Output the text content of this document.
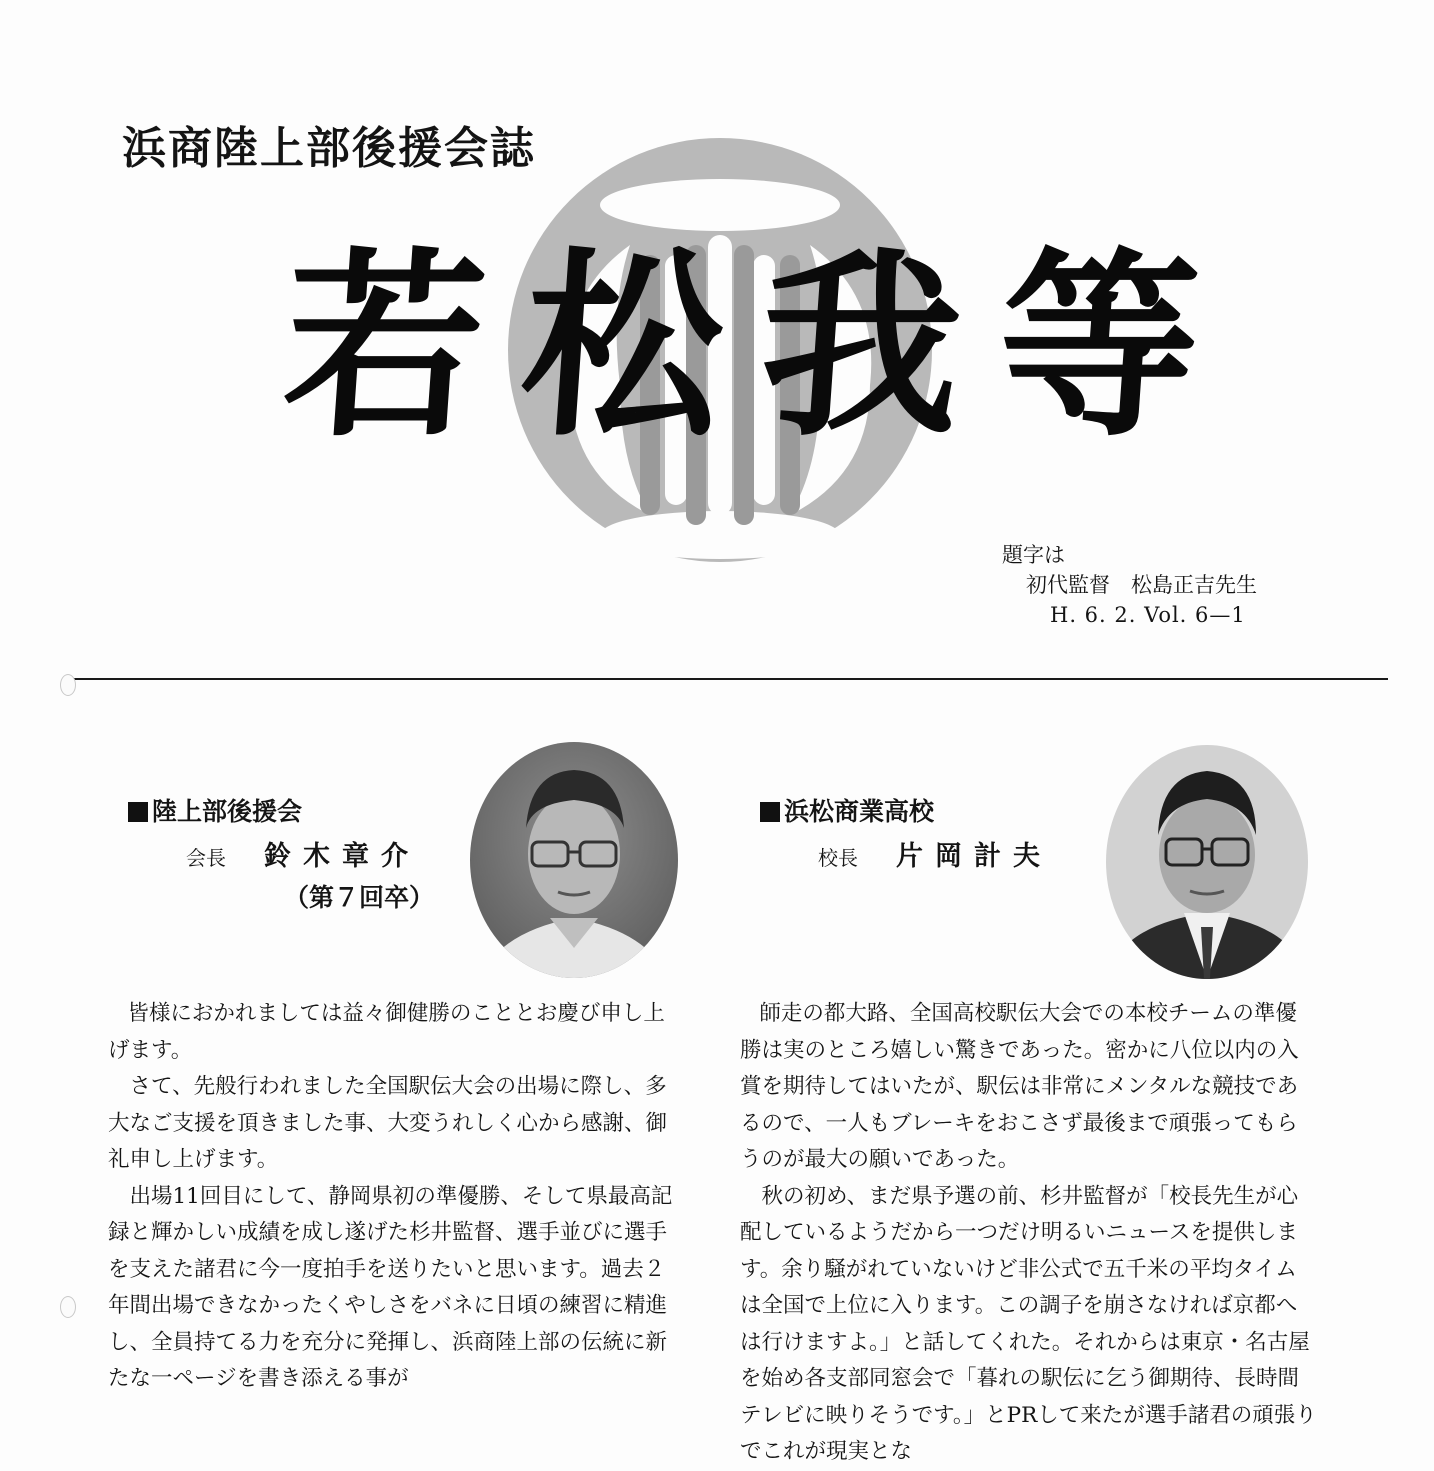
浜商陸上部後援会誌
若松我等
題字は
初代監督　松島正吉先生
H. 6. 2. Vol. 6—1
陸上部後援会
会長 鈴木章介
（第７回卒）
浜松商業高校
校長 片岡計夫

皆様におかれましては益々御健勝のこととお慶び申し上げます。

さて、先般行われました全国駅伝大会の出場に際し、多大なご支援を頂きました事、大変うれしく心から感謝、御礼申し上げます。

出場11回目にして、静岡県初の準優勝、そして県最高記録と輝かしい成績を成し遂げた杉井監督、選手並びに選手を支えた諸君に今一度拍手を送りたいと思います。過去２年間出場できなかったくやしさをバネに日頃の練習に精進し、全員持てる力を充分に発揮し、浜商陸上部の伝統に新たな一ページを書き添える事が

師走の都大路、全国高校駅伝大会での本校チームの準優勝は実のところ嬉しい驚きであった。密かに八位以内の入賞を期待してはいたが、駅伝は非常にメンタルな競技であるので、一人もブレーキをおこさず最後まで頑張ってもらうのが最大の願いであった。

秋の初め、まだ県予選の前、杉井監督が「校長先生が心配しているようだから一つだけ明るいニュースを提供します。余り騒がれていないけど非公式で五千米の平均タイムは全国で上位に入ります。この調子を崩さなければ京都へは行けますよ。」と話してくれた。それからは東京・名古屋を始め各支部同窓会で「暮れの駅伝に乞う御期待、長時間テレビに映りそうです。」とPRして来たが選手諸君の頑張りでこれが現実とな
